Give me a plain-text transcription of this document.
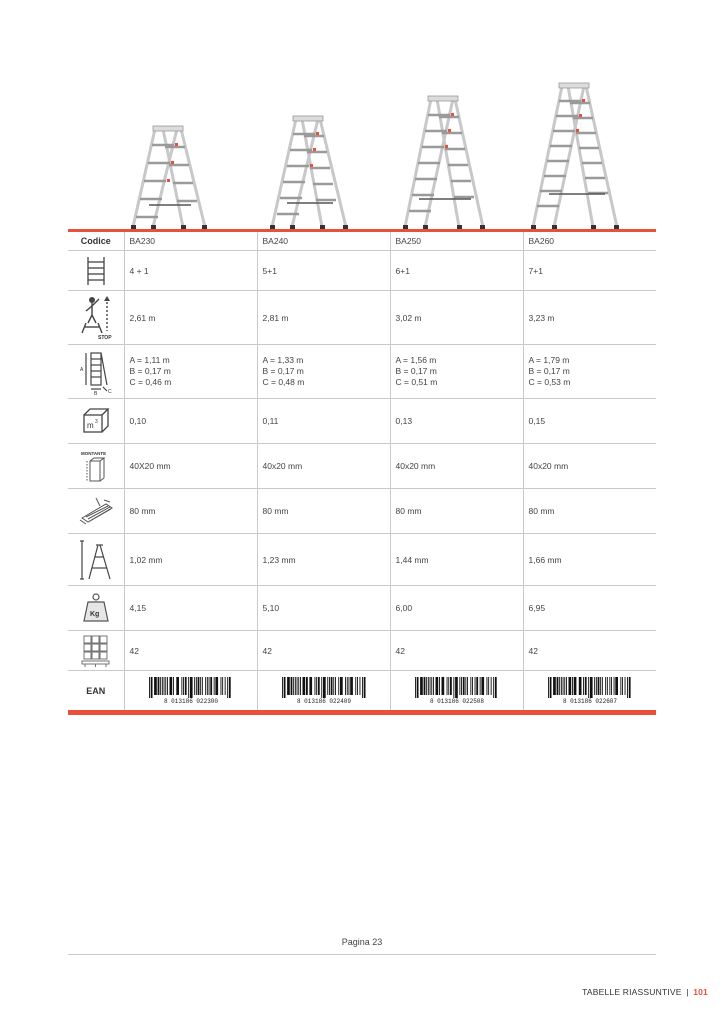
Codice	BA230	BA240	BA250	BA260

	4 + 1	5+1	6+1	7+1

STOP	2,61 m	2,81 m	3,02 m	3,23 m

A
B C	A = 1,11 m
B = 0,17 m
C = 0,46 m	A = 1,33 m
B = 0,17 m
C = 0,48 m	A = 1,56 m
B = 0,17 m
C = 0,51 m	A = 1,79 m
B = 0,17 m
C = 0,53 m

m 3	0,10	0,11	0,13	0,15

MONTANTE	40X20 mm	40x20 mm	40x20 mm	40x20 mm

	80 mm	80 mm	80 mm	80 mm

	1,02 mm	1,23 mm	1,44 mm	1,66 mm

Kg	4,15	5,10	6,00	6,95

	42	42	42	42
EAN	8 013186 022300	8 013186 022409	8 013186 022508	8 013186 022607
Pagina 23
TABELLE RIASSUNTIVE | 101
